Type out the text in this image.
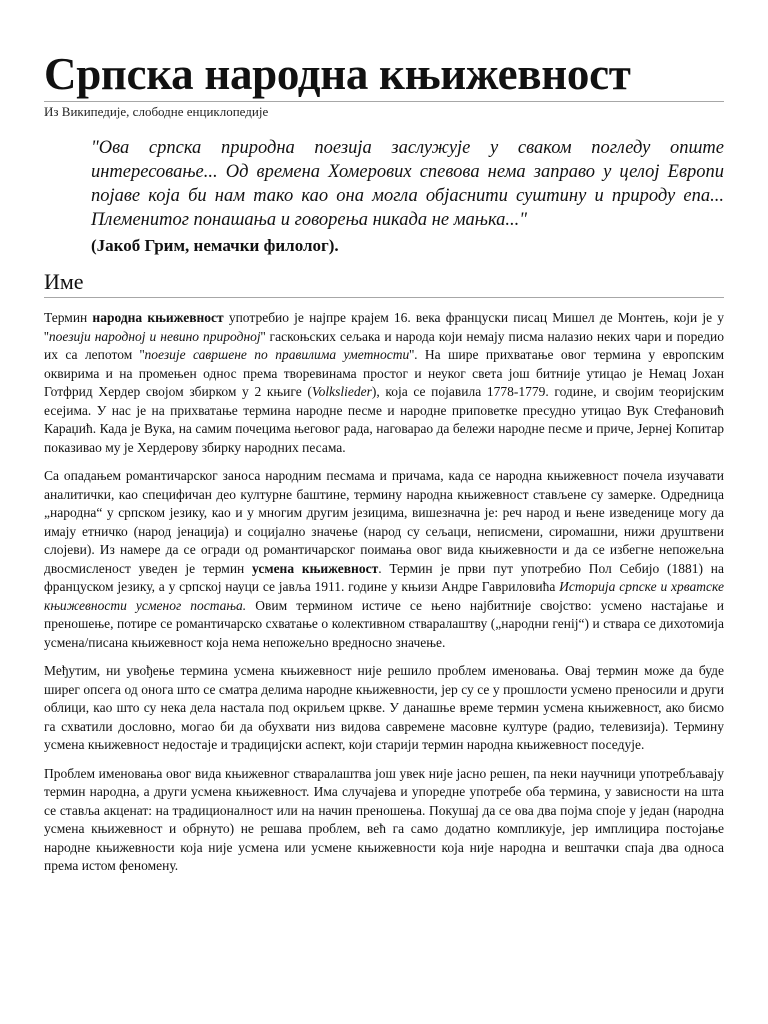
Српска народна књижевност
Из Википедије, слободне енциклопедије

"Ова српска природна поезија заслужује у сваком погледу опште интересовање... Од времена Хомерових спевова нема заправо у целој Европи појаве која би нам тако као она могла објаснити суштину и природу епа... Племенитог понашања и говорења никада не мањка..."

(Јакоб Грим, немачки филолог).
Име

Термин народна књижевност употребио је најпре крајем 16. века француски писац Мишел де Монтењ, који је у ''поезији народној и невино природној'' гаскоњских сељака и народа који немају писма налазио неких чари и поредио их са лепотом ''поезије савршене по правилима уметности''. На шире прихватање овог термина у европским оквирима и на промењен однос према творевинама простог и неуког света још битније утицао је Немац Јохан Готфрид Хердер својом збирком у 2 књиге (Volkslieder), која се појавила 1778-1779. године, и својим теоријским есејима. У нас је на прихватање термина народне песме и народне приповетке пресудно утицао Вук Стефановић Караџић. Када је Вука, на самим почецима његовог рада, наговарао да бележи народне песме и приче, Јернеј Копитар показивао му је Хердерову збирку народних песама.

Са опадањем романтичарског заноса народним песмама и причама, када се народна књижевност почела изучавати аналитички, као специфичан део културне баштине, термину народна књижевност стављене су замерке. Одредница „народна“ у српском језику, као и у многим другим језицима, вишезначна је: реч народ и њене изведенице могу да имају етничко (народ јенација) и социјално значење (народ су сељаци, неписмени, сиромашни, нижи друштвени слојеви). Из намере да се огради од романтичарског поимања овог вида књижевности и да се избегне непожељна двосмисленост уведен је термин усмена књижевност. Термин је први пут употребио Пол Себијо (1881) на француском језику, а у српској науци се јавља 1911. године у књизи Андре Гавриловића Историја српске и хрватске књижевности усменог постања. Овим термином истиче се њено најбитније својство: усмено настајање и преношење, потире се романтичарско схватање о колективном стваралаштву („народни генij“) и ствара се дихотомија усмена/писана књижевност која нема непожељно вредносно значење.

Међутим, ни увођење термина усмена књижевност није решило проблем именовања. Овај термин може да буде ширег опсега од онога што се сматра делима народне књижевности, јер су се у прошлости усмено преносили и други облици, као што су нека дела настала под окриљем цркве. У данашње време термин усмена књижевност, ако бисмо га схватили дословно, могао би да обухвати низ видова савремене масовне културе (радио, телевизија). Термину усмена књижевност недостаје и традицијски аспект, који старији термин народна књижевност поседује.

Проблем именовања овог вида књижевног стваралаштва још увек није јасно решен, па неки научници употребљавају термин народна, а други усмена књижевност. Има случајева и упоредне употребе оба термина, у зависности на шта се ставља акценат: на традиционалност или на начин преношења. Покушај да се ова два појма споје у један (народна усмена књижевност и обрнуто) не решава проблем, већ га само додатно компликује, јер имплицира постојање народне књижевности која није усмена или усмене књижевности која није народна и вештачки спаја два односа према истом феномену.
